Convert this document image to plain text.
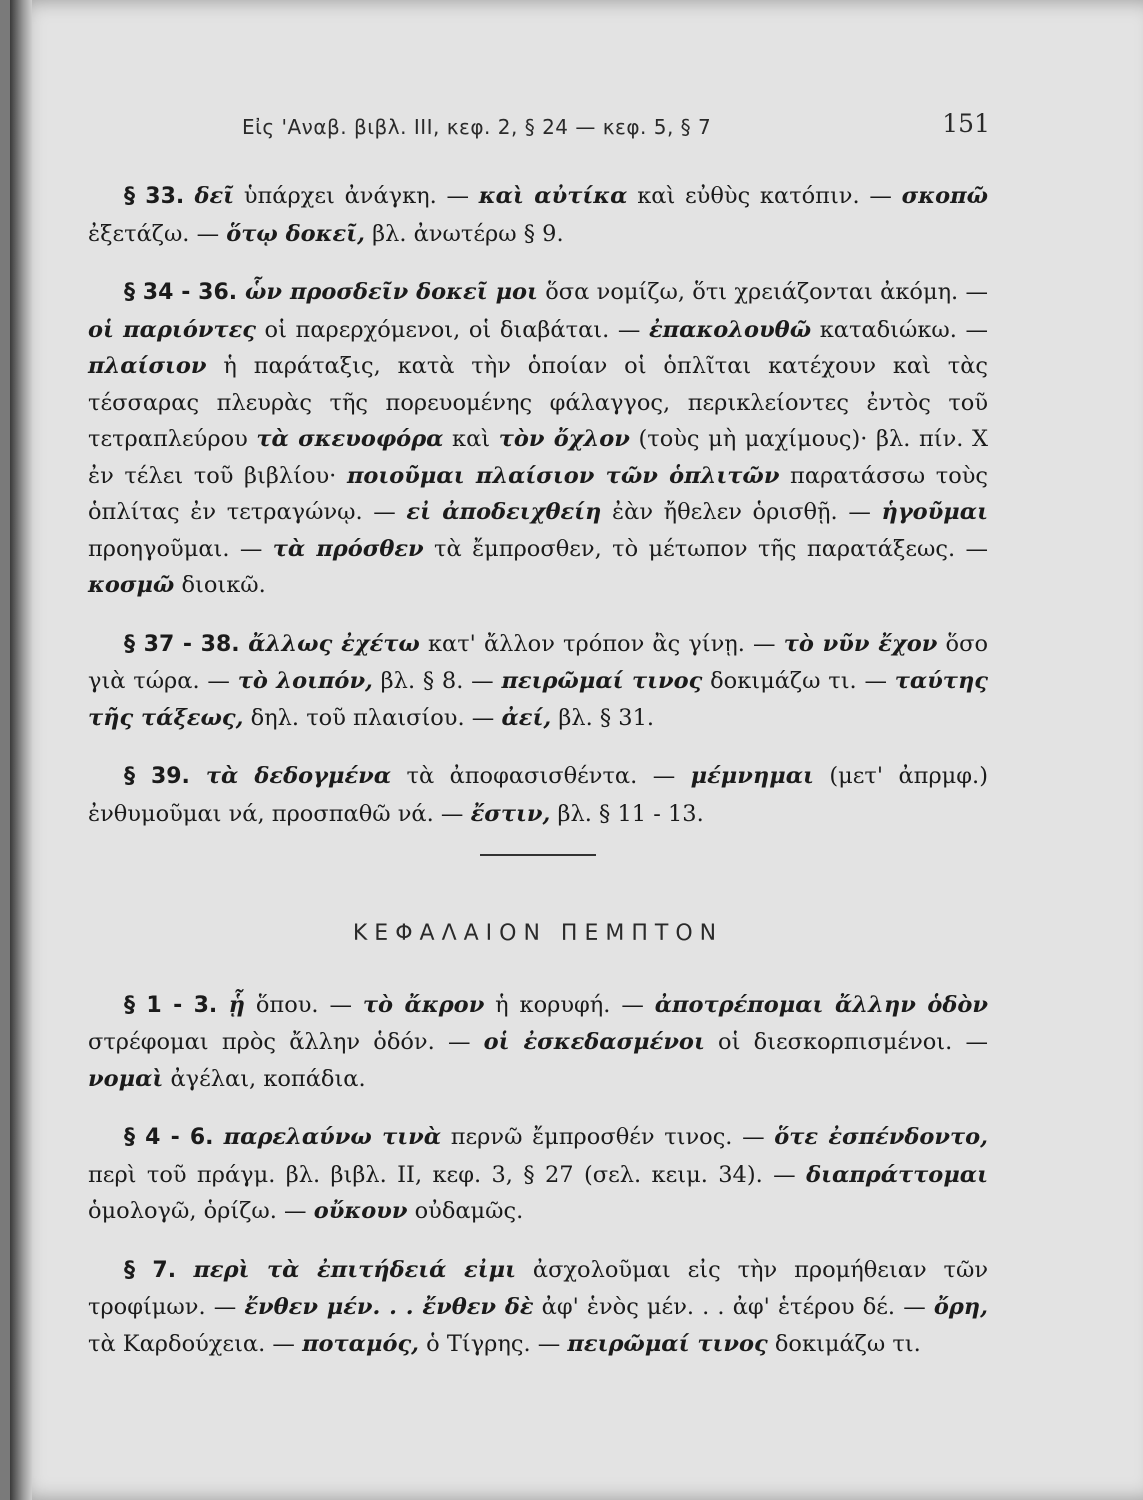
Εἰς 'Αναβ. βιβλ. ΙΙΙ, κεφ. 2, § 24 — κεφ. 5, § 7	151

§ 33. δεῖ ὑπάρχει ἀνάγκη. — καὶ αὐτίκα καὶ εὐθὺς κατόπιν. — σκοπῶ ἐξετάζω. — ὅτῳ δοκεῖ, βλ. ἀνωτέρω § 9.

§ 34 - 36. ὧν προσδεῖν δοκεῖ μοι ὅσα νομίζω, ὅτι χρειάζονται ἀκόμη. — οἱ παριόντες οἱ παρερχόμενοι, οἱ διαβάται. — ἐπακολουθῶ καταδιώκω. — πλαίσιον ἡ παράταξις, κατὰ τὴν ὁποίαν οἱ ὁπλῖται κατέχουν καὶ τὰς τέσσαρας πλευρὰς τῆς πορευομένης φάλαγγος, περικλείοντες ἐντὸς τοῦ τετραπλεύρου τὰ σκευοφόρα καὶ τὸν ὄχλον (τοὺς μὴ μαχίμους)· βλ. πίν. Χ ἐν τέλει τοῦ βιβλίου· ποιοῦμαι πλαίσιον τῶν ὁπλιτῶν παρατάσσω τοὺς ὁπλίτας ἐν τετραγώνῳ. — εἰ ἀποδειχθείη ἐὰν ἤθελεν ὁρισθῇ. — ἡγοῦμαι προηγοῦμαι. — τὰ πρόσθεν τὰ ἔμπροσθεν, τὸ μέτωπον τῆς παρατάξεως. — κοσμῶ διοικῶ.

§ 37 - 38. ἄλλως ἐχέτω κατ' ἄλλον τρόπον ἂς γίνῃ. — τὸ νῦν ἔχον ὅσο γιὰ τώρα. — τὸ λοιπόν, βλ. § 8. — πειρῶμαί τινος δοκιμάζω τι. — ταύτης τῆς τάξεως, δηλ. τοῦ πλαισίου. — ἀεί, βλ. § 31.

§ 39. τὰ δεδογμένα τὰ ἀποφασισθέντα. — μέμνημαι (μετ' ἀπρμφ.) ἐνθυμοῦμαι νά, προσπαθῶ νά. — ἔστιν, βλ. § 11 - 13.

ΚΕΦΑΛΑΙΟΝ ΠΕΜΠΤΟΝ

§ 1 - 3. ᾗ ὅπου. — τὸ ἄκρον ἡ κορυφή. — ἀποτρέπομαι ἄλλην ὁδὸν στρέφομαι πρὸς ἄλλην ὁδόν. — οἱ ἐσκεδασμένοι οἱ διεσκορπισμένοι. — νομαὶ ἀγέλαι, κοπάδια.

§ 4 - 6. παρελαύνω τινὰ περνῶ ἔμπροσθέν τινος. — ὅτε ἐσπένδοντο, περὶ τοῦ πράγμ. βλ. βιβλ. ΙΙ, κεφ. 3, § 27 (σελ. κειμ. 34). — διαπράττομαι ὁμολογῶ, ὁρίζω. — οὔκουν οὐδαμῶς.

§ 7. περὶ τὰ ἐπιτήδειά εἰμι ἀσχολοῦμαι εἰς τὴν προμήθειαν τῶν τροφίμων. — ἔνθεν μέν. . . ἔνθεν δὲ ἀφ' ἑνὸς μέν. . . ἀφ' ἑτέρου δέ. — ὄρη, τὰ Καρδούχεια. — ποταμός, ὁ Τίγρης. — πειρῶμαί τινος δοκιμάζω τι.
